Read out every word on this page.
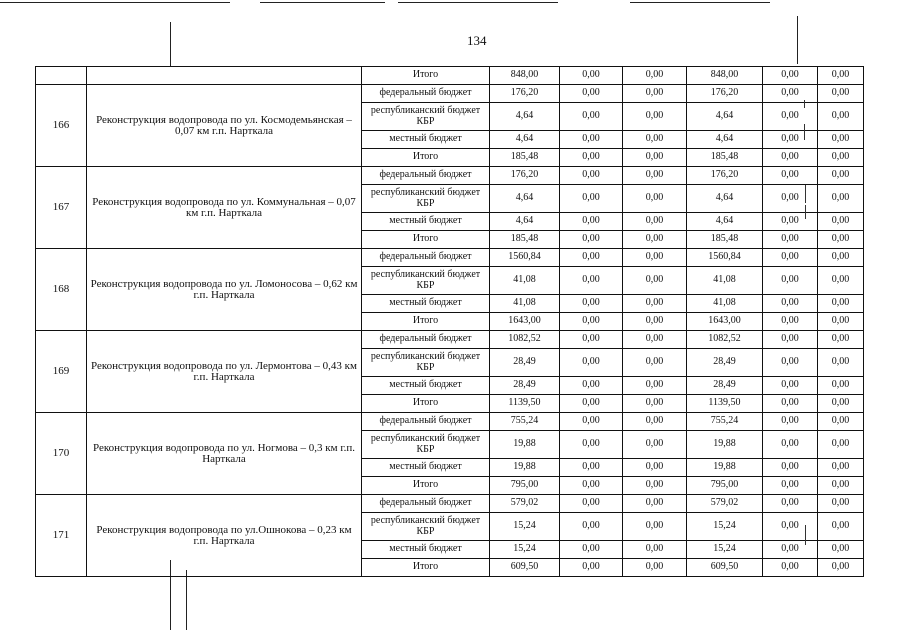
134
		Итого	848,00	0,00	0,00	848,00	0,00	0,00
166	Реконструкция водопровода по ул. Космодемьянская – 0,07 км г.п. Нарткала	федеральный бюджет	176,20	0,00	0,00	176,20	0,00	0,00
		республиканский бюджет КБР	4,64	0,00	0,00	4,64	0,00	0,00
		местный бюджет	4,64	0,00	0,00	4,64	0,00	0,00
		Итого	185,48	0,00	0,00	185,48	0,00	0,00
167	Реконструкция водопровода по ул. Коммунальная – 0,07 км г.п. Нарткала	федеральный бюджет	176,20	0,00	0,00	176,20	0,00	0,00
		республиканский бюджет КБР	4,64	0,00	0,00	4,64	0,00	0,00
		местный бюджет	4,64	0,00	0,00	4,64	0,00	0,00
		Итого	185,48	0,00	0,00	185,48	0,00	0,00
168	Реконструкция водопровода по ул. Ломоносова – 0,62 км г.п. Нарткала	федеральный бюджет	1560,84	0,00	0,00	1560,84	0,00	0,00
		республиканский бюджет КБР	41,08	0,00	0,00	41,08	0,00	0,00
		местный бюджет	41,08	0,00	0,00	41,08	0,00	0,00
		Итого	1643,00	0,00	0,00	1643,00	0,00	0,00
169	Реконструкция водопровода по ул. Лермонтова – 0,43 км г.п. Нарткала	федеральный бюджет	1082,52	0,00	0,00	1082,52	0,00	0,00
		республиканский бюджет КБР	28,49	0,00	0,00	28,49	0,00	0,00
		местный бюджет	28,49	0,00	0,00	28,49	0,00	0,00
		Итого	1139,50	0,00	0,00	1139,50	0,00	0,00
170	Реконструкция водопровода по ул. Ногмова – 0,3 км г.п. Нарткала	федеральный бюджет	755,24	0,00	0,00	755,24	0,00	0,00
		республиканский бюджет КБР	19,88	0,00	0,00	19,88	0,00	0,00
		местный бюджет	19,88	0,00	0,00	19,88	0,00	0,00
		Итого	795,00	0,00	0,00	795,00	0,00	0,00
171	Реконструкция водопровода по ул.Ошнокова – 0,23 км г.п. Нарткала	федеральный бюджет	579,02	0,00	0,00	579,02	0,00	0,00
		республиканский бюджет КБР	15,24	0,00	0,00	15,24	0,00	0,00
		местный бюджет	15,24	0,00	0,00	15,24	0,00	0,00
		Итого	609,50	0,00	0,00	609,50	0,00	0,00
